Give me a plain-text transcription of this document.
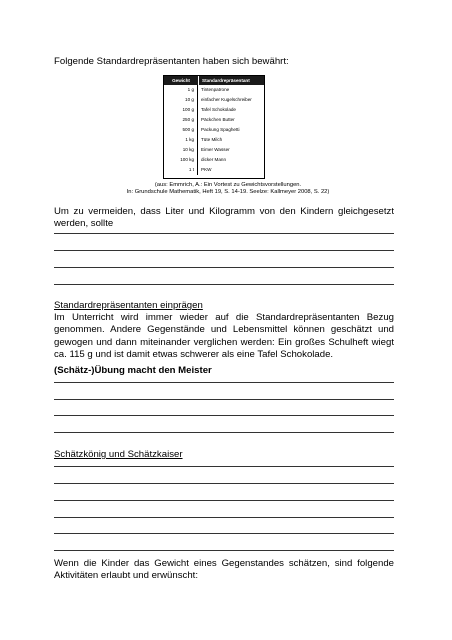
Folgende Standardrepräsentanten haben sich bewährt:
Gewicht	Standardrepräsentant
1 g	Tintenpatrone
10 g	einfacher Kugelschreiber
100 g	Tafel Schokolade
250 g	Päckchen Butter
500 g	Packung Spaghetti
1 kg	Tüte Milch
10 kg	Eimer Wasser
100 kg	dicker Mann
1 t	PKW
(aus: Emmrich, A.: Ein Vortest zu Gewichtsvorstellungen.
In: Grundschule Mathematik, Heft 19, S. 14-19. Seelze: Kallmeyer 2008, S. 22)
Um zu vermeiden, dass Liter und Kilogramm von den Kindern gleichgesetzt werden, sollte
Standardrepräsentanten einprägen
Im Unterricht wird immer wieder auf die Standardrepräsentanten Bezug genommen. Andere Gegenstände und Lebensmittel können geschätzt und gewogen und dann miteinander verglichen werden: Ein großes Schulheft wiegt ca. 115 g und ist damit etwas schwerer als eine Tafel Schokolade.
(Schätz-)Übung macht den Meister
Schätzkönig und Schätzkaiser
Wenn die Kinder das Gewicht eines Gegenstandes schätzen, sind folgende Aktivitäten erlaubt und erwünscht:
